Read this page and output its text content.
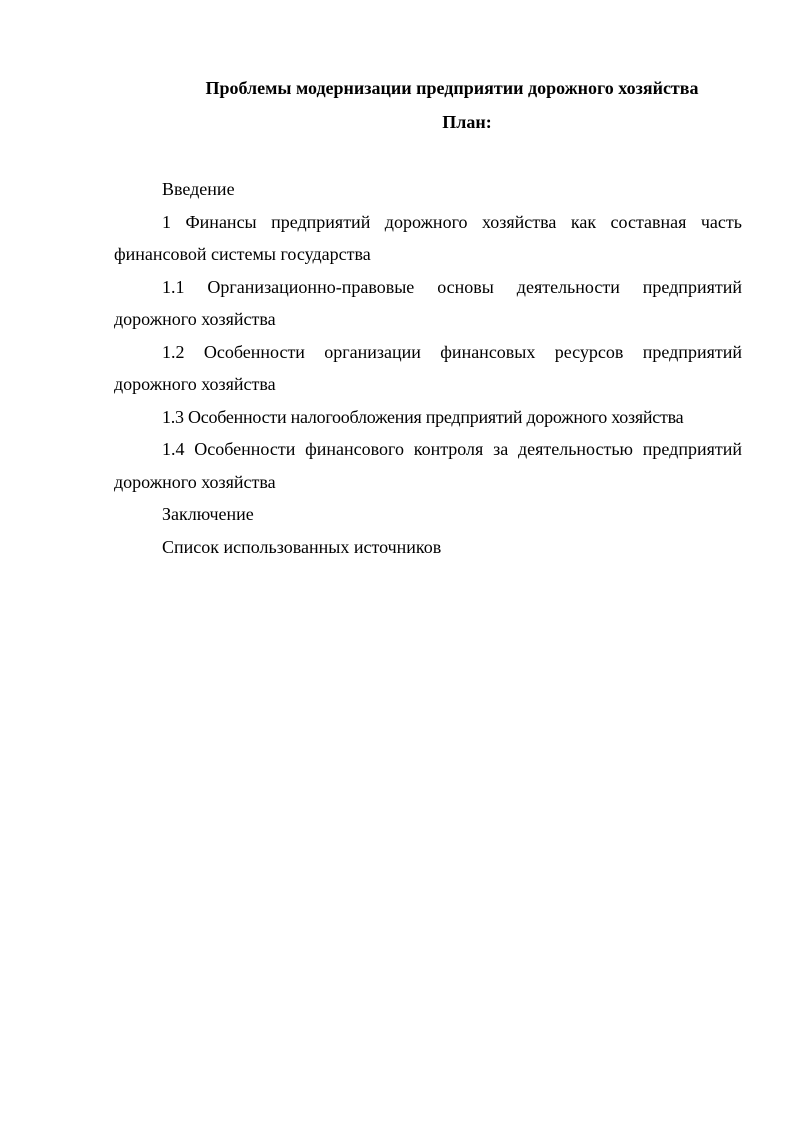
Проблемы модернизации предприятии дорожного хозяйства
План:

Введение

1 Финансы предприятий дорожного хозяйства как составная часть финансовой системы государства

1.1 Организационно-правовые основы деятельности предприятий дорожного хозяйства

1.2 Особенности организации финансовых ресурсов предприятий дорожного хозяйства

1.3 Особенности налогообложения предприятий дорожного хозяйства

1.4 Особенности финансового контроля за деятельностью предприятий дорожного хозяйства

Заключение

Список использованных источников
